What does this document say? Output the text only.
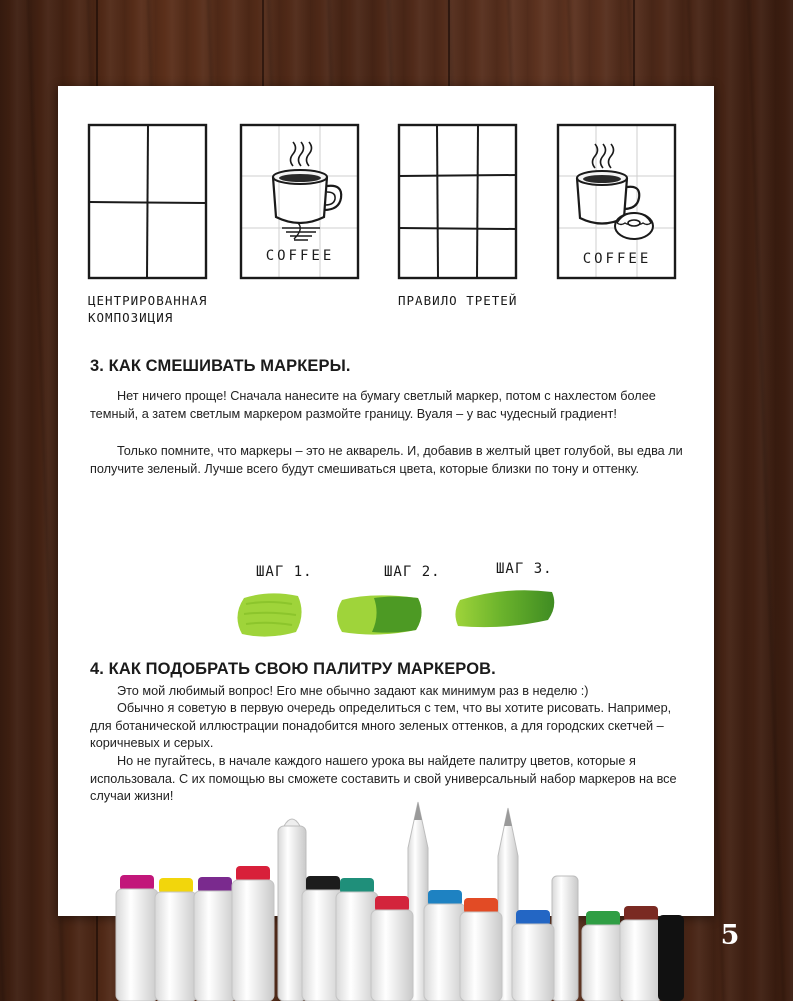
COFFEE	COFFEE
ЦЕНТРИРОВАННАЯ
КОМПОЗИЦИЯ
ПРАВИЛО ТРЕТЕЙ
3. КАК СМЕШИВАТЬ МАРКЕРЫ.

Нет ничего проще! Сначала нанесите на бумагу светлый маркер, потом с нахлестом более темный, а затем светлым маркером размойте границу. Вуаля – у вас чудесный градиент!

Только помните, что маркеры – это не акварель. И, добавив в желтый цвет голубой, вы едва ли получите зеленый. Лучше всего будут смешиваться цвета, которые близки по тону и оттенку.

ШАГ 1.	ШАГ 2.	ШАГ 3.
4. КАК ПОДОБРАТЬ СВОЮ ПАЛИТРУ МАРКЕРОВ.

Это мой любимый вопрос! Его мне обычно задают как минимум раз в неделю :)

Обычно я советую в первую очередь определиться с тем, что вы хотите рисовать. Например, для ботанической иллюстрации понадобится много зеленых оттенков, а для городских скетчей – коричневых и серых.

Но не пугайтесь, в начале каждого нашего урока вы найдете палитру цветов, которые я использовала. С их помощью вы сможете составить и свой универсальный набор маркеров на все случаи жизни!

5
